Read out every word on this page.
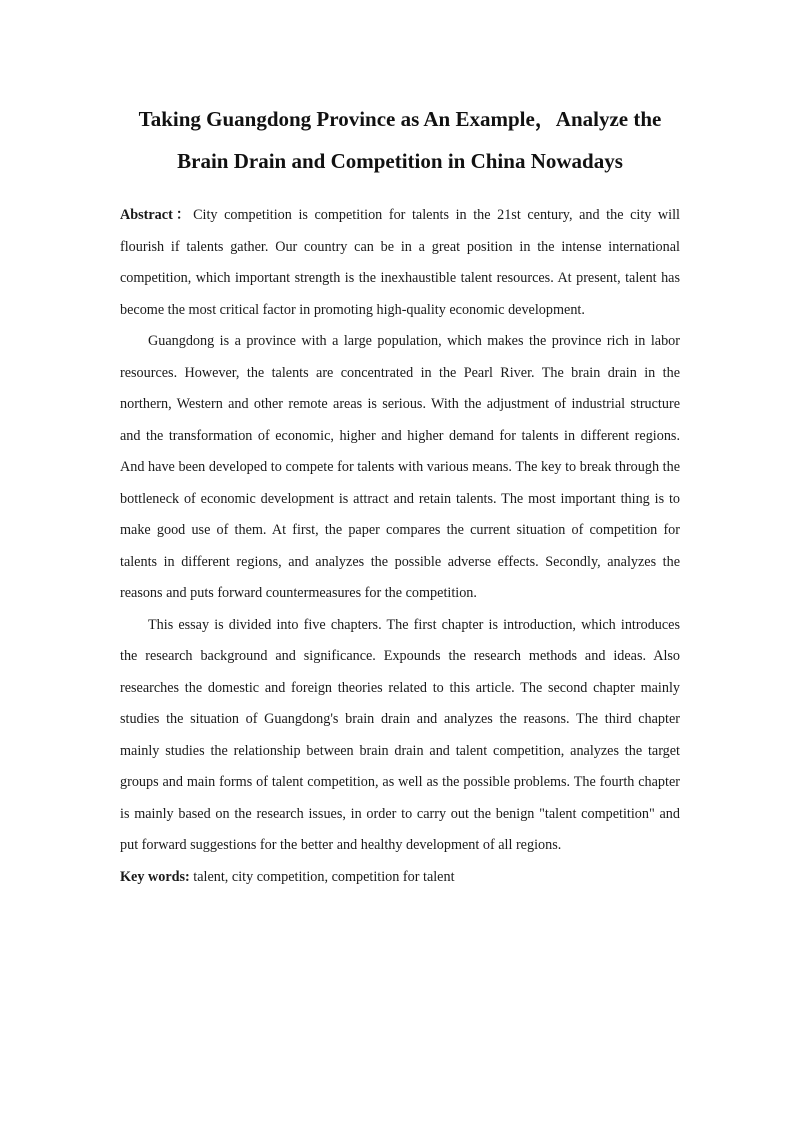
Taking Guangdong Province as An Example，Analyze the
Brain Drain and Competition in China Nowadays

Abstract：City competition is competition for talents in the 21st century, and the city will flourish if talents gather. Our country can be in a great position in the intense international competition, which important strength is the inexhaustible talent resources. At present, talent has become the most critical factor in promoting high-quality economic development.

Guangdong is a province with a large population, which makes the province rich in labor resources. However, the talents are concentrated in the Pearl River. The brain drain in the northern, Western and other remote areas is serious. With the adjustment of industrial structure and the transformation of economic, higher and higher demand for talents in different regions. And have been developed to compete for talents with various means. The key to break through the bottleneck of economic development is attract and retain talents. The most important thing is to make good use of them. At first, the paper compares the current situation of competition for talents in different regions, and analyzes the possible adverse effects. Secondly, analyzes the reasons and puts forward countermeasures for the competition.

This essay is divided into five chapters. The first chapter is introduction, which introduces the research background and significance. Expounds the research methods and ideas. Also researches the domestic and foreign theories related to this article. The second chapter mainly studies the situation of Guangdong's brain drain and analyzes the reasons. The third chapter mainly studies the relationship between brain drain and talent competition, analyzes the target groups and main forms of talent competition, as well as the possible problems. The fourth chapter is mainly based on the research issues, in order to carry out the benign "talent competition" and put forward suggestions for the better and healthy development of all regions.

Key words: talent, city competition, competition for talent
